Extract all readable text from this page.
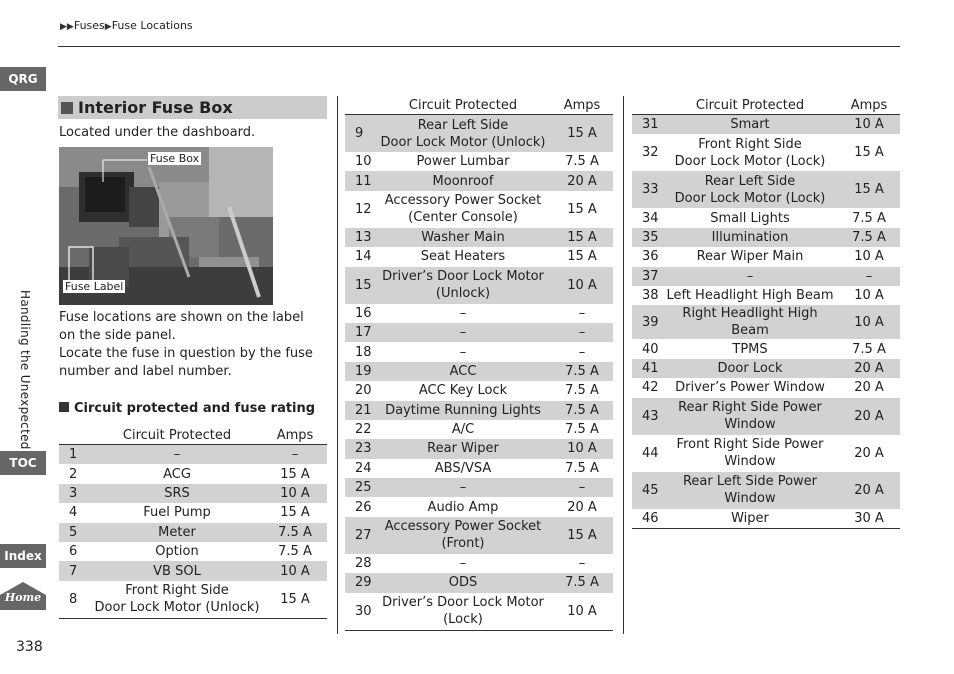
▶▶Fuses▶Fuse Locations
QRG
Handling the Unexpected
TOC
Index
Home
338
Interior Fuse Box
Located under the dashboard.
Fuse Box
Fuse Label
Fuse locations are shown on the label on the side panel.
Locate the fuse in question by the fuse number and label number.
Circuit protected and fuse rating
	Circuit Protected	Amps
1	–	–
2	ACG	15 A
3	SRS	10 A
4	Fuel Pump	15 A
5	Meter	7.5 A
6	Option	7.5 A
7	VB SOL	10 A
8	Front Right Side
Door Lock Motor (Unlock)	15 A
	Circuit Protected	Amps
9	Rear Left Side
Door Lock Motor (Unlock)	15 A
10	Power Lumbar	7.5 A
11	Moonroof	20 A
12	Accessory Power Socket
(Center Console)	15 A
13	Washer Main	15 A
14	Seat Heaters	15 A
15	Driver’s Door Lock Motor
(Unlock)	10 A
16	–	–
17	–	–
18	–	–
19	ACC	7.5 A
20	ACC Key Lock	7.5 A
21	Daytime Running Lights	7.5 A
22	A/C	7.5 A
23	Rear Wiper	10 A
24	ABS/VSA	7.5 A
25	–	–
26	Audio Amp	20 A
27	Accessory Power Socket
(Front)	15 A
28	–	–
29	ODS	7.5 A
30	Driver’s Door Lock Motor
(Lock)	10 A
	Circuit Protected	Amps
31	Smart	10 A
32	Front Right Side
Door Lock Motor (Lock)	15 A
33	Rear Left Side
Door Lock Motor (Lock)	15 A
34	Small Lights	7.5 A
35	Illumination	7.5 A
36	Rear Wiper Main	10 A
37	–	–
38	Left Headlight High Beam	10 A
39	Right Headlight High Beam	10 A
40	TPMS	7.5 A
41	Door Lock	20 A
42	Driver’s Power Window	20 A
43	Rear Right Side Power
Window	20 A
44	Front Right Side Power
Window	20 A
45	Rear Left Side Power
Window	20 A
46	Wiper	30 A
